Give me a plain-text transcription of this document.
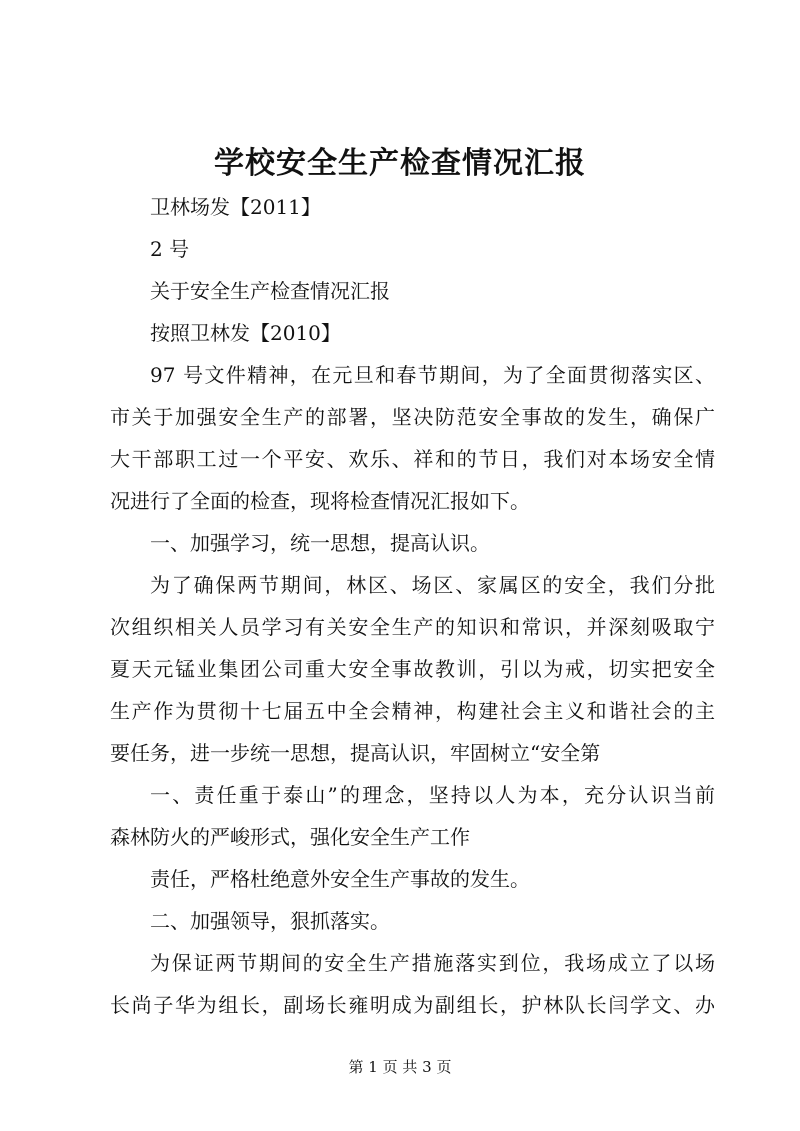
学校安全生产检查情况汇报
卫林场发【2011】
2 号
关于安全生产检查情况汇报
按照卫林发【2010】
97 号文件精神，在元旦和春节期间，为了全面贯彻落实区、
市关于加强安全生产的部署，坚决防范安全事故的发生，确保广
大干部职工过一个平安、欢乐、祥和的节日，我们对本场安全情
况进行了全面的检查，现将检查情况汇报如下。
一、加强学习，统一思想，提高认识。
为了确保两节期间，林区、场区、家属区的安全，我们分批
次组织相关人员学习有关安全生产的知识和常识，并深刻吸取宁
夏天元锰业集团公司重大安全事故教训，引以为戒，切实把安全
生产作为贯彻十七届五中全会精神，构建社会主义和谐社会的主
要任务，进一步统一思想，提高认识，牢固树立“安全第
一、责任重于泰山”的理念，坚持以人为本，充分认识当前
森林防火的严峻形式，强化安全生产工作
责任，严格杜绝意外安全生产事故的发生。
二、加强领导，狠抓落实。
为保证两节期间的安全生产措施落实到位，我场成立了以场
长尚子华为组长，副场长雍明成为副组长，护林队长闫学文、办
第 1 页 共 3 页
